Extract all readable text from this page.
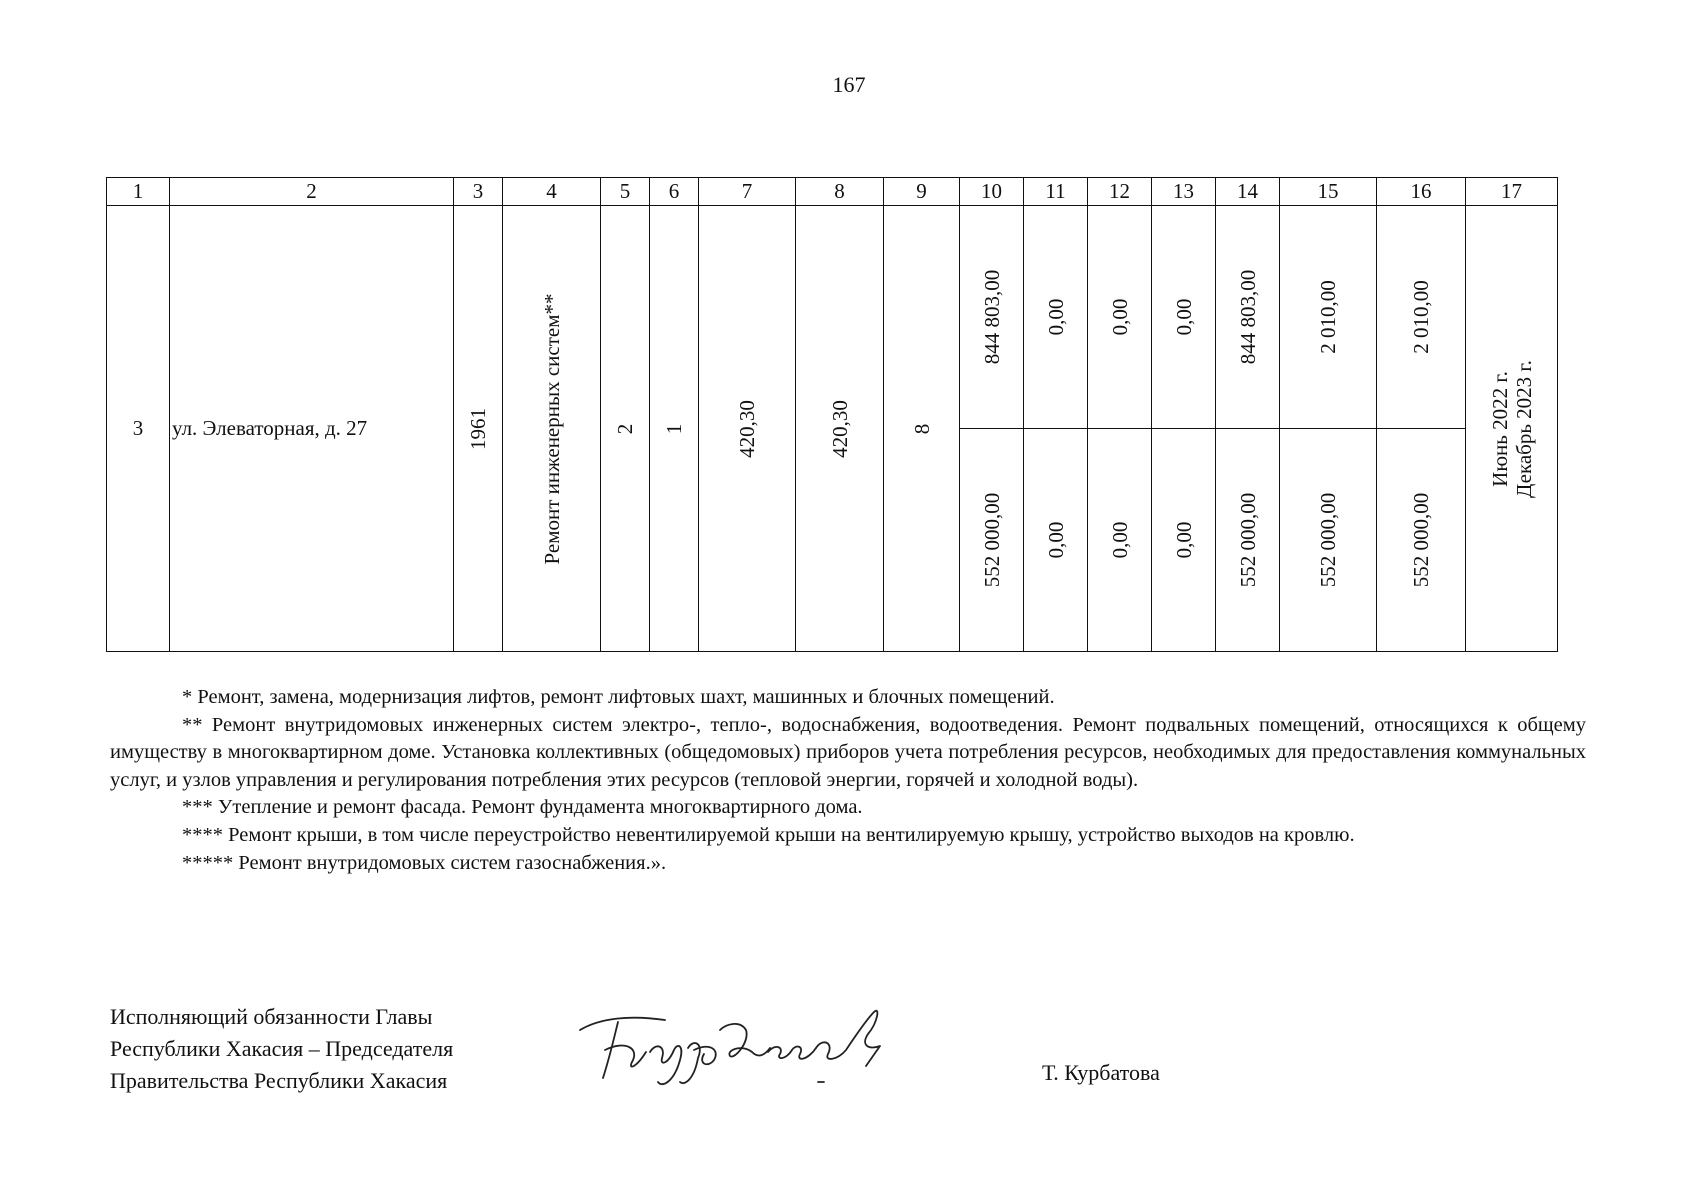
167
1	2	3	4	5	6	7	8	9	10	11	12	13	14	15	16	17
3	ул. Элеваторная, д. 27	1961	Ремонт инженерных систем**	2	1	420,30	420,30	8	844 803,00	0,00	0,00	0,00	844 803,00	2 010,00	2 010,00	Июнь 2022 г.
Декабрь 2023 г.

									552 000,00	0,00	0,00	0,00	552 000,00	552 000,00	552 000,00	

* Ремонт, замена, модернизация лифтов, ремонт лифтовых шахт, машинных и блочных помещений.

** Ремонт внутридомовых инженерных систем электро-, тепло-, водоснабжения, водоотведения. Ремонт подвальных помещений, относящихся к общему имуществу в многоквартирном доме. Установка коллективных (общедомовых) приборов учета потребления ресурсов, необходимых для предоставления коммунальных услуг, и узлов управления и регулирования потребления этих ресурсов (тепловой энергии, горячей и холодной воды).

*** Утепление и ремонт фасада. Ремонт фундамента многоквартирного дома.

**** Ремонт крыши, в том числе переустройство невентилируемой крыши на вентилируемую крышу, устройство выходов на кровлю.

***** Ремонт внутридомовых систем газоснабжения.».

Исполняющий обязанности Главы
Республики Хакасия – Председателя
Правительства Республики Хакасия	Т. Курбатова
